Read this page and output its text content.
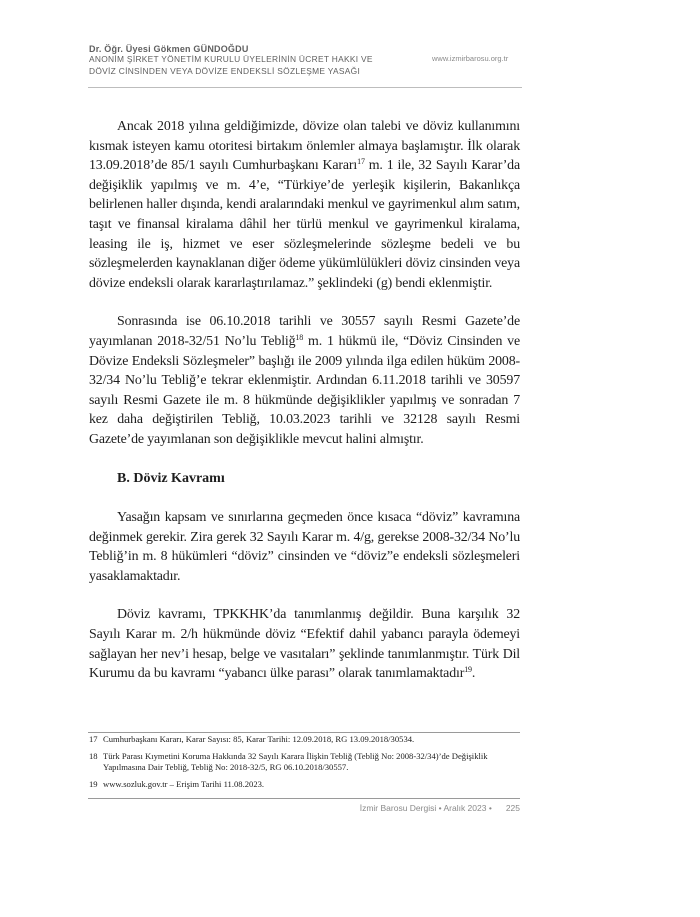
Dr. Öğr. Üyesi Gökmen GÜNDOĞDU
ANONİM ŞİRKET YÖNETİM KURULU ÜYELERİNİN ÜCRET HAKKI VE
DÖVİZ CİNSİNDEN VEYA DÖVİZE ENDEKSLİ SÖZLEŞME YASAĞI
www.izmirbarosu.org.tr

Ancak 2018 yılına geldiğimizde, dövize olan talebi ve döviz kullanımını kısmak isteyen kamu otoritesi birtakım önlemler almaya başlamıştır. İlk olarak 13.09.2018’de 85/1 sayılı Cumhurbaşkanı Kararı$^{17}$ m. 1 ile, 32 Sayılı Karar’da değişiklik yapılmış ve m. 4’e, “Türkiye’de yerleşik kişilerin, Bakanlıkça belirlenen haller dışında, kendi aralarındaki menkul ve gayrimenkul alım satım, taşıt ve finansal kiralama dâhil her türlü menkul ve gayrimenkul kiralama, leasing ile iş, hizmet ve eser sözleşmelerinde sözleşme bedeli ve bu sözleşmelerden kaynaklanan diğer ödeme yükümlülükleri döviz cinsinden veya dövize endeksli olarak kararlaştırılamaz.” şeklindeki (g) bendi eklenmiştir.

Sonrasında ise 06.10.2018 tarihli ve 30557 sayılı Resmi Gazete’de yayımlanan 2018-32/51 No’lu Tebliğ$^{18}$ m. 1 hükmü ile, “Döviz Cinsinden ve Dövize Endeksli Sözleşmeler” başlığı ile 2009 yılında ilga edilen hüküm 2008-32/34 No’lu Tebliğ’e tekrar eklenmiştir. Ardından 6.11.2018 tarihli ve 30597 sayılı Resmi Gazete ile m. 8 hükmünde değişiklikler yapılmış ve sonradan 7 kez daha değiştirilen Tebliğ, 10.03.2023 tarihli ve 32128 sayılı Resmi Gazete’de yayımlanan son değişiklikle mevcut halini almıştır.

B. Döviz Kavramı

Yasağın kapsam ve sınırlarına geçmeden önce kısaca “döviz” kavramına değinmek gerekir. Zira gerek 32 Sayılı Karar m. 4/g, gerekse 2008-32/34 No’lu Tebliğ’in m. 8 hükümleri “döviz” cinsinden ve “döviz”e endeksli sözleşmeleri yasaklamaktadır.

Döviz kavramı, TPKKHK’da tanımlanmış değildir. Buna karşılık 32 Sayılı Karar m. 2/h hükmünde döviz “Efektif dahil yabancı parayla ödemeyi sağlayan her nev’i hesap, belge ve vasıtaları” şeklinde tanımlanmıştır. Türk Dil Kurumu da bu kavramı “yabancı ülke parası” olarak tanımlamaktadır$^{19}$.

17 Cumhurbaşkanı Kararı, Karar Sayısı: 85, Karar Tarihi: 12.09.2018, RG 13.09.2018/30534.
18 Türk Parası Kıymetini Koruma Hakkında 32 Sayılı Karara İlişkin Tebliğ (Tebliğ No: 2008-32/34)’de Değişiklik Yapılmasına Dair Tebliğ, Tebliğ No: 2018-32/5, RG 06.10.2018/30557.
19 www.sozluk.gov.tr – Erişim Tarihi 11.08.2023.
İzmir Barosu Dergisi • Aralık 2023 • 225
